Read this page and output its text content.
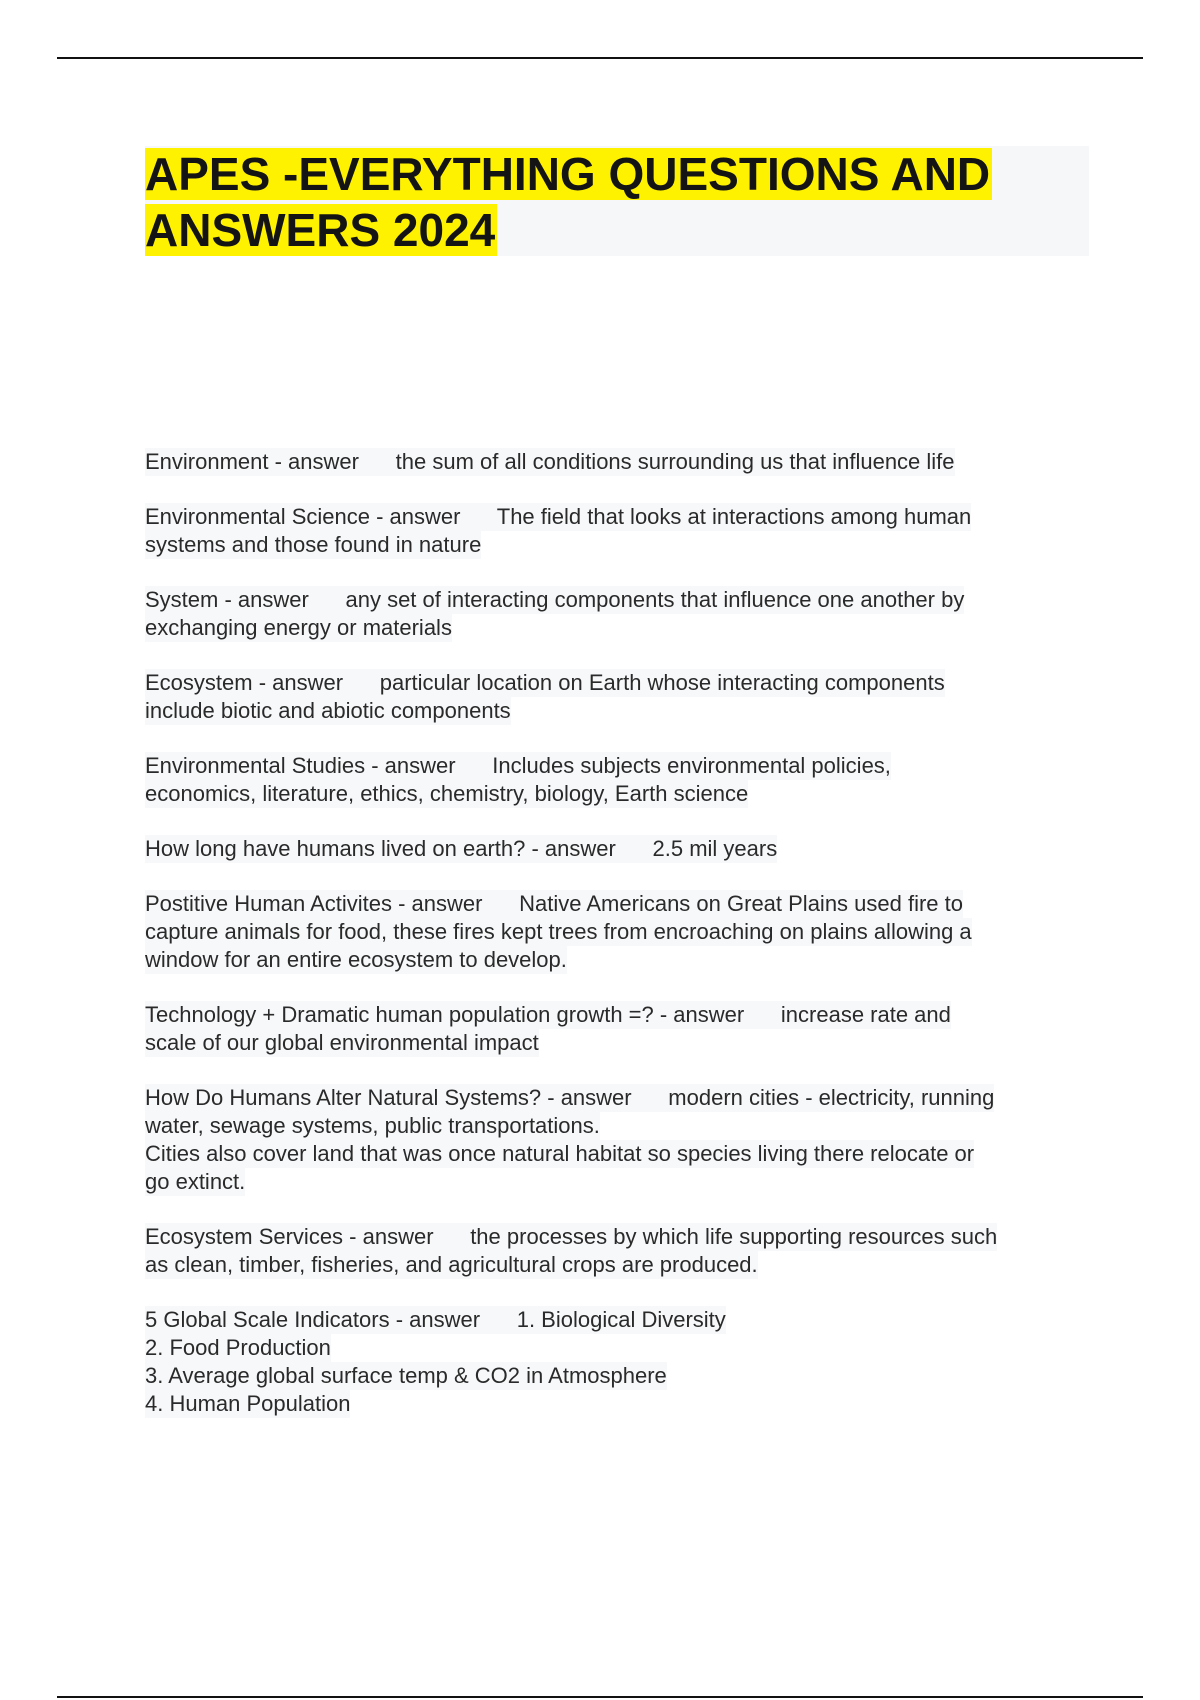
APES -EVERYTHING QUESTIONS AND ANSWERS 2024
Environment - answer      the sum of all conditions surrounding us that influence life
Environmental Science - answer      The field that looks at interactions among human
systems and those found in nature
System - answer      any set of interacting components that influence one another by
exchanging energy or materials
Ecosystem - answer      particular location on Earth whose interacting components
include biotic and abiotic components
Environmental Studies - answer      Includes subjects environmental policies,
economics, literature, ethics, chemistry, biology, Earth science
How long have humans lived on earth? - answer      2.5 mil years
Postitive Human Activites - answer      Native Americans on Great Plains used fire to
capture animals for food, these fires kept trees from encroaching on plains allowing a
window for an entire ecosystem to develop.
Technology + Dramatic human population growth =? - answer      increase rate and
scale of our global environmental impact
How Do Humans Alter Natural Systems? - answer      modern cities - electricity, running
water, sewage systems, public transportations.
Cities also cover land that was once natural habitat so species living there relocate or
go extinct.
Ecosystem Services - answer      the processes by which life supporting resources such
as clean, timber, fisheries, and agricultural crops are produced.
5 Global Scale Indicators - answer      1. Biological Diversity
2. Food Production
3. Average global surface temp & CO2 in Atmosphere
4. Human Population
